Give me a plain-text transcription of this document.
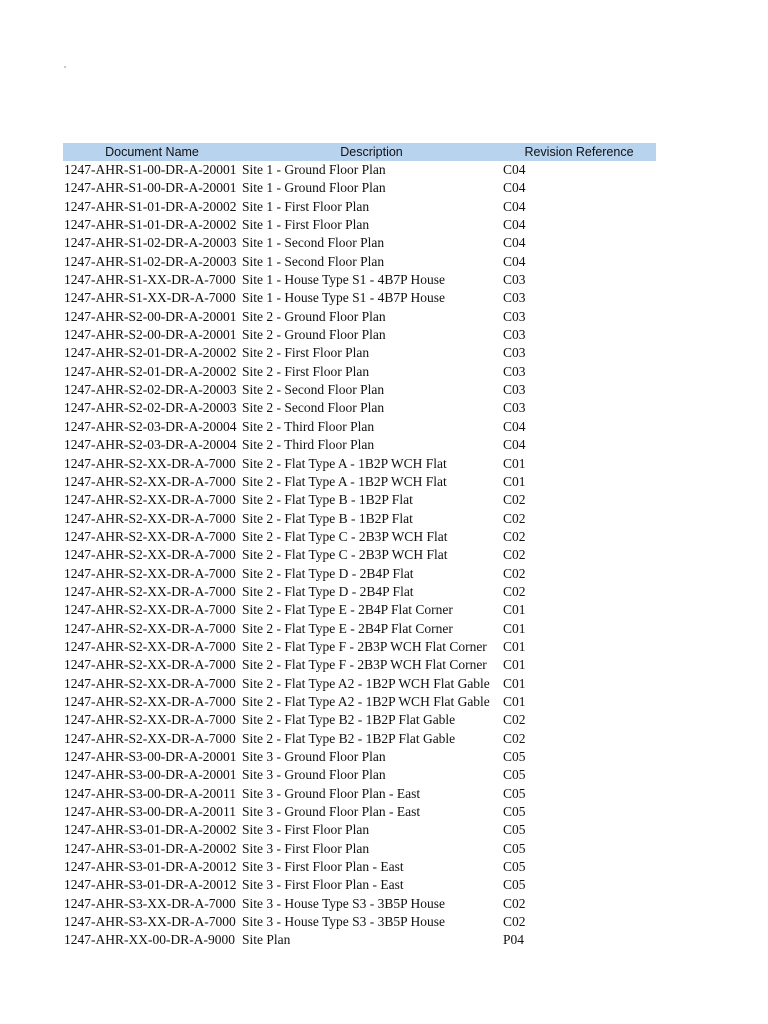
Document Name	Description	Revision Reference
1247-AHR-S1-00-DR-A-20001 Site 1 - Ground Floor Plan	C04
1247-AHR-S1-00-DR-A-20001 Site 1 - Ground Floor Plan	C04
1247-AHR-S1-01-DR-A-20002 Site 1 - First Floor Plan	C04
1247-AHR-S1-01-DR-A-20002 Site 1 - First Floor Plan	C04
1247-AHR-S1-02-DR-A-20003 Site 1 - Second Floor Plan	C04
1247-AHR-S1-02-DR-A-20003 Site 1 - Second Floor Plan	C04
1247-AHR-S1-XX-DR-A-7000 Site 1 - House Type S1 - 4B7P House	C03
1247-AHR-S1-XX-DR-A-7000 Site 1 - House Type S1 - 4B7P House	C03
1247-AHR-S2-00-DR-A-20001 Site 2 - Ground Floor Plan	C03
1247-AHR-S2-00-DR-A-20001 Site 2 - Ground Floor Plan	C03
1247-AHR-S2-01-DR-A-20002 Site 2 - First Floor Plan	C03
1247-AHR-S2-01-DR-A-20002 Site 2 - First Floor Plan	C03
1247-AHR-S2-02-DR-A-20003 Site 2 - Second Floor Plan	C03
1247-AHR-S2-02-DR-A-20003 Site 2 - Second Floor Plan	C03
1247-AHR-S2-03-DR-A-20004 Site 2 - Third Floor Plan	C04
1247-AHR-S2-03-DR-A-20004 Site 2 - Third Floor Plan	C04
1247-AHR-S2-XX-DR-A-7000 Site 2 - Flat Type A - 1B2P WCH Flat	C01
1247-AHR-S2-XX-DR-A-7000 Site 2 - Flat Type A - 1B2P WCH Flat	C01
1247-AHR-S2-XX-DR-A-7000 Site 2 - Flat Type B - 1B2P Flat	C02
1247-AHR-S2-XX-DR-A-7000 Site 2 - Flat Type B - 1B2P Flat	C02
1247-AHR-S2-XX-DR-A-7000 Site 2 - Flat Type C - 2B3P WCH Flat	C02
1247-AHR-S2-XX-DR-A-7000 Site 2 - Flat Type C - 2B3P WCH Flat	C02
1247-AHR-S2-XX-DR-A-7000 Site 2 - Flat Type D - 2B4P Flat	C02
1247-AHR-S2-XX-DR-A-7000 Site 2 - Flat Type D - 2B4P Flat	C02
1247-AHR-S2-XX-DR-A-7000 Site 2 - Flat Type E - 2B4P Flat Corner	C01
1247-AHR-S2-XX-DR-A-7000 Site 2 - Flat Type E - 2B4P Flat Corner	C01
1247-AHR-S2-XX-DR-A-7000 Site 2 - Flat Type F - 2B3P WCH Flat Corner	C01
1247-AHR-S2-XX-DR-A-7000 Site 2 - Flat Type F - 2B3P WCH Flat Corner	C01
1247-AHR-S2-XX-DR-A-7000 Site 2 - Flat Type A2 - 1B2P WCH Flat Gable C01
1247-AHR-S2-XX-DR-A-7000 Site 2 - Flat Type A2 - 1B2P WCH Flat Gable C01
1247-AHR-S2-XX-DR-A-7000 Site 2 - Flat Type B2 - 1B2P Flat Gable	C02
1247-AHR-S2-XX-DR-A-7000 Site 2 - Flat Type B2 - 1B2P Flat Gable	C02
1247-AHR-S3-00-DR-A-20001 Site 3 - Ground Floor Plan	C05
1247-AHR-S3-00-DR-A-20001 Site 3 - Ground Floor Plan	C05
1247-AHR-S3-00-DR-A-20011 Site 3 - Ground Floor Plan - East	C05
1247-AHR-S3-00-DR-A-20011 Site 3 - Ground Floor Plan - East	C05
1247-AHR-S3-01-DR-A-20002 Site 3 - First Floor Plan	C05
1247-AHR-S3-01-DR-A-20002 Site 3 - First Floor Plan	C05
1247-AHR-S3-01-DR-A-20012 Site 3 - First Floor Plan - East	C05
1247-AHR-S3-01-DR-A-20012 Site 3 - First Floor Plan - East	C05
1247-AHR-S3-XX-DR-A-7000 Site 3 - House Type S3 - 3B5P House	C02
1247-AHR-S3-XX-DR-A-7000 Site 3 - House Type S3 - 3B5P House	C02
1247-AHR-XX-00-DR-A-9000 Site Plan	P04
